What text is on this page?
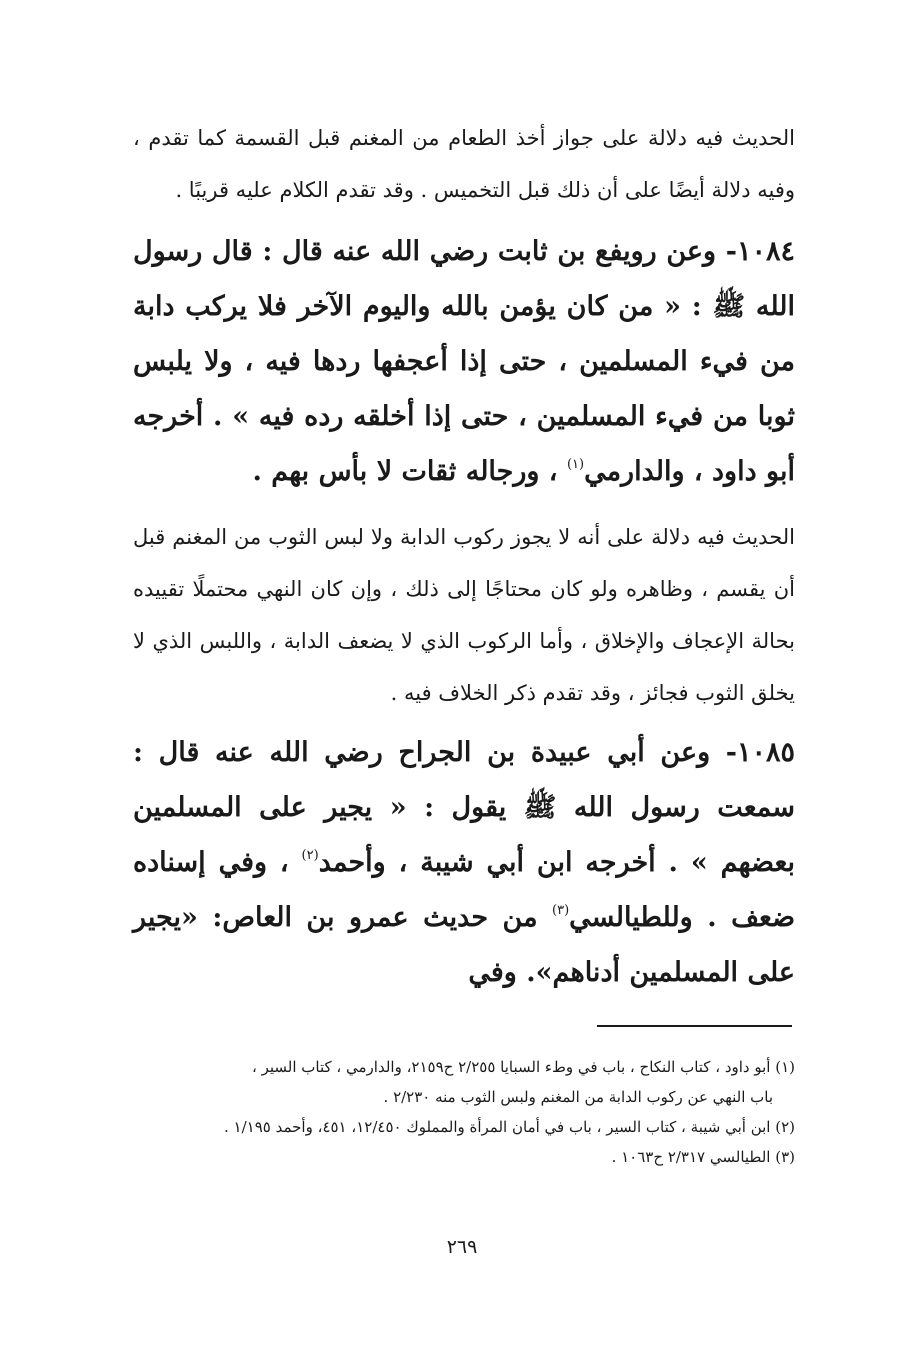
الحديث فيه دلالة على جواز أخذ الطعام من المغنم قبل القسمة كما تقدم ، وفيه دلالة أيضًا على أن ذلك قبل التخميس . وقد تقدم الكلام عليه قريبًا .

١٠٨٤- وعن رويفع بن ثابت رضي الله عنه قال : قال رسول الله ﷺ : « من كان يؤمن بالله واليوم الآخر فلا يركب دابة من فيء المسلمين ، حتى إذا أعجفها ردها فيه ، ولا يلبس ثوبا من فيء المسلمين ، حتى إذا أخلقه رده فيه » . أخرجه أبو داود ، والدارمي$^{(١)}$ ، ورجاله ثقات لا بأس بهم .

الحديث فيه دلالة على أنه لا يجوز ركوب الدابة ولا لبس الثوب من المغنم قبل أن يقسم ، وظاهره ولو كان محتاجًا إلى ذلك ، وإن كان النهي محتملًا تقييده بحالة الإعجاف والإخلاق ، وأما الركوب الذي لا يضعف الدابة ، واللبس الذي لا يخلق الثوب فجائز ، وقد تقدم ذكر الخلاف فيه .

١٠٨٥- وعن أبي عبيدة بن الجراح رضي الله عنه قال : سمعت رسول الله ﷺ يقول : « يجير على المسلمين بعضهم » . أخرجه ابن أبي شيبة ، وأحمد$^{(٢)}$ ، وفي إسناده ضعف . وللطيالسي$^{(٣)}$ من حديث عمرو بن العاص: «يجير على المسلمين أدناهم». وفي

(١) أبو داود ، كتاب النكاح ، باب في وطء السبايا ٢/٢٥٥ ح٢١٥٩، والدارمي ، كتاب السير ،
باب النهي عن ركوب الدابة من المغنم ولبس الثوب منه ٢/٢٣٠ .
(٢) ابن أبي شيبة ، كتاب السير ، باب في أمان المرأة والمملوك ١٢/٤٥٠، ٤٥١، وأحمد ١/١٩٥ .
(٣) الطيالسي ٢/٣١٧ ح١٠٦٣ .
٢٦٩
